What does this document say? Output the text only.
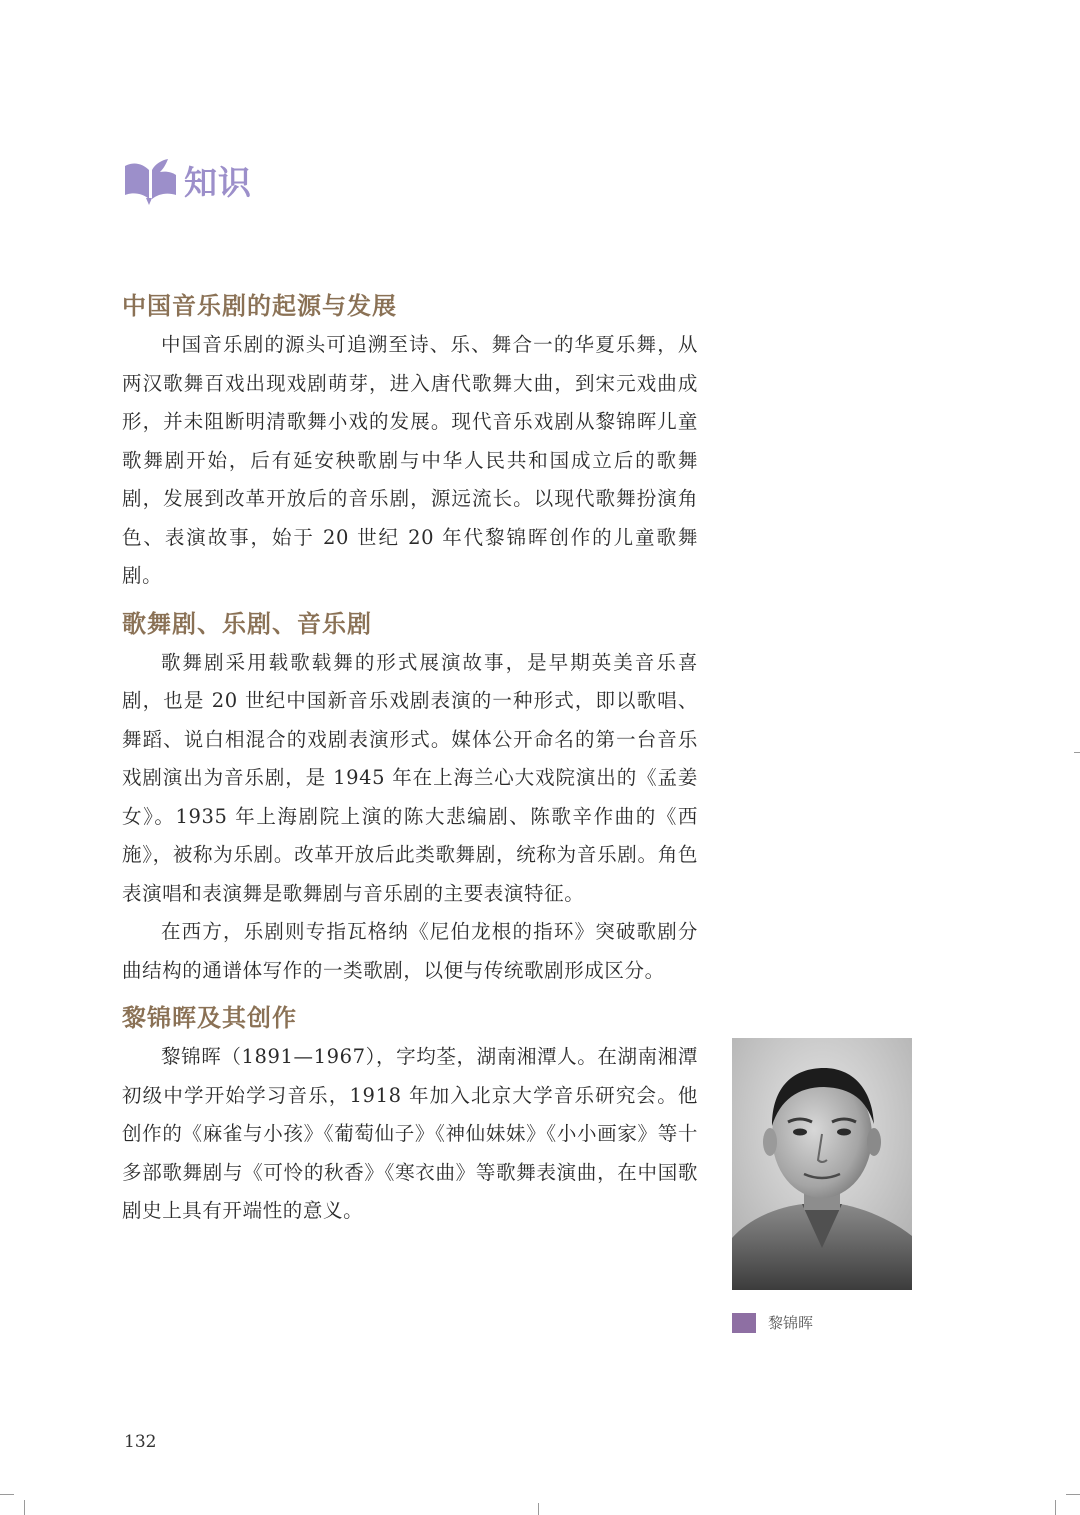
知识
中国音乐剧的起源与发展

中国音乐剧的源头可追溯至诗、乐、舞合一的华夏乐舞，从两汉歌舞百戏出现戏剧萌芽，进入唐代歌舞大曲，到宋元戏曲成形，并未阻断明清歌舞小戏的发展。现代音乐戏剧从黎锦晖儿童歌舞剧开始，后有延安秧歌剧与中华人民共和国成立后的歌舞剧，发展到改革开放后的音乐剧，源远流长。以现代歌舞扮演角色、表演故事，始于 20 世纪 20 年代黎锦晖创作的儿童歌舞剧。

歌舞剧、乐剧、音乐剧

歌舞剧采用载歌载舞的形式展演故事，是早期英美音乐喜剧，也是 20 世纪中国新音乐戏剧表演的一种形式，即以歌唱、舞蹈、说白相混合的戏剧表演形式。媒体公开命名的第一台音乐戏剧演出为音乐剧，是 1945 年在上海兰心大戏院演出的《孟姜女》。1935 年上海剧院上演的陈大悲编剧、陈歌辛作曲的《西施》，被称为乐剧。改革开放后此类歌舞剧，统称为音乐剧。角色表演唱和表演舞是歌舞剧与音乐剧的主要表演特征。

在西方，乐剧则专指瓦格纳《尼伯龙根的指环》突破歌剧分曲结构的通谱体写作的一类歌剧，以便与传统歌剧形成区分。

黎锦晖及其创作

黎锦晖（1891—1967），字均荃，湖南湘潭人。在湖南湘潭初级中学开始学习音乐，1918 年加入北京大学音乐研究会。他创作的《麻雀与小孩》《葡萄仙子》《神仙妹妹》《小小画家》等十多部歌舞剧与《可怜的秋香》《寒衣曲》等歌舞表演曲，在中国歌剧史上具有开端性的意义。

黎锦晖
132
